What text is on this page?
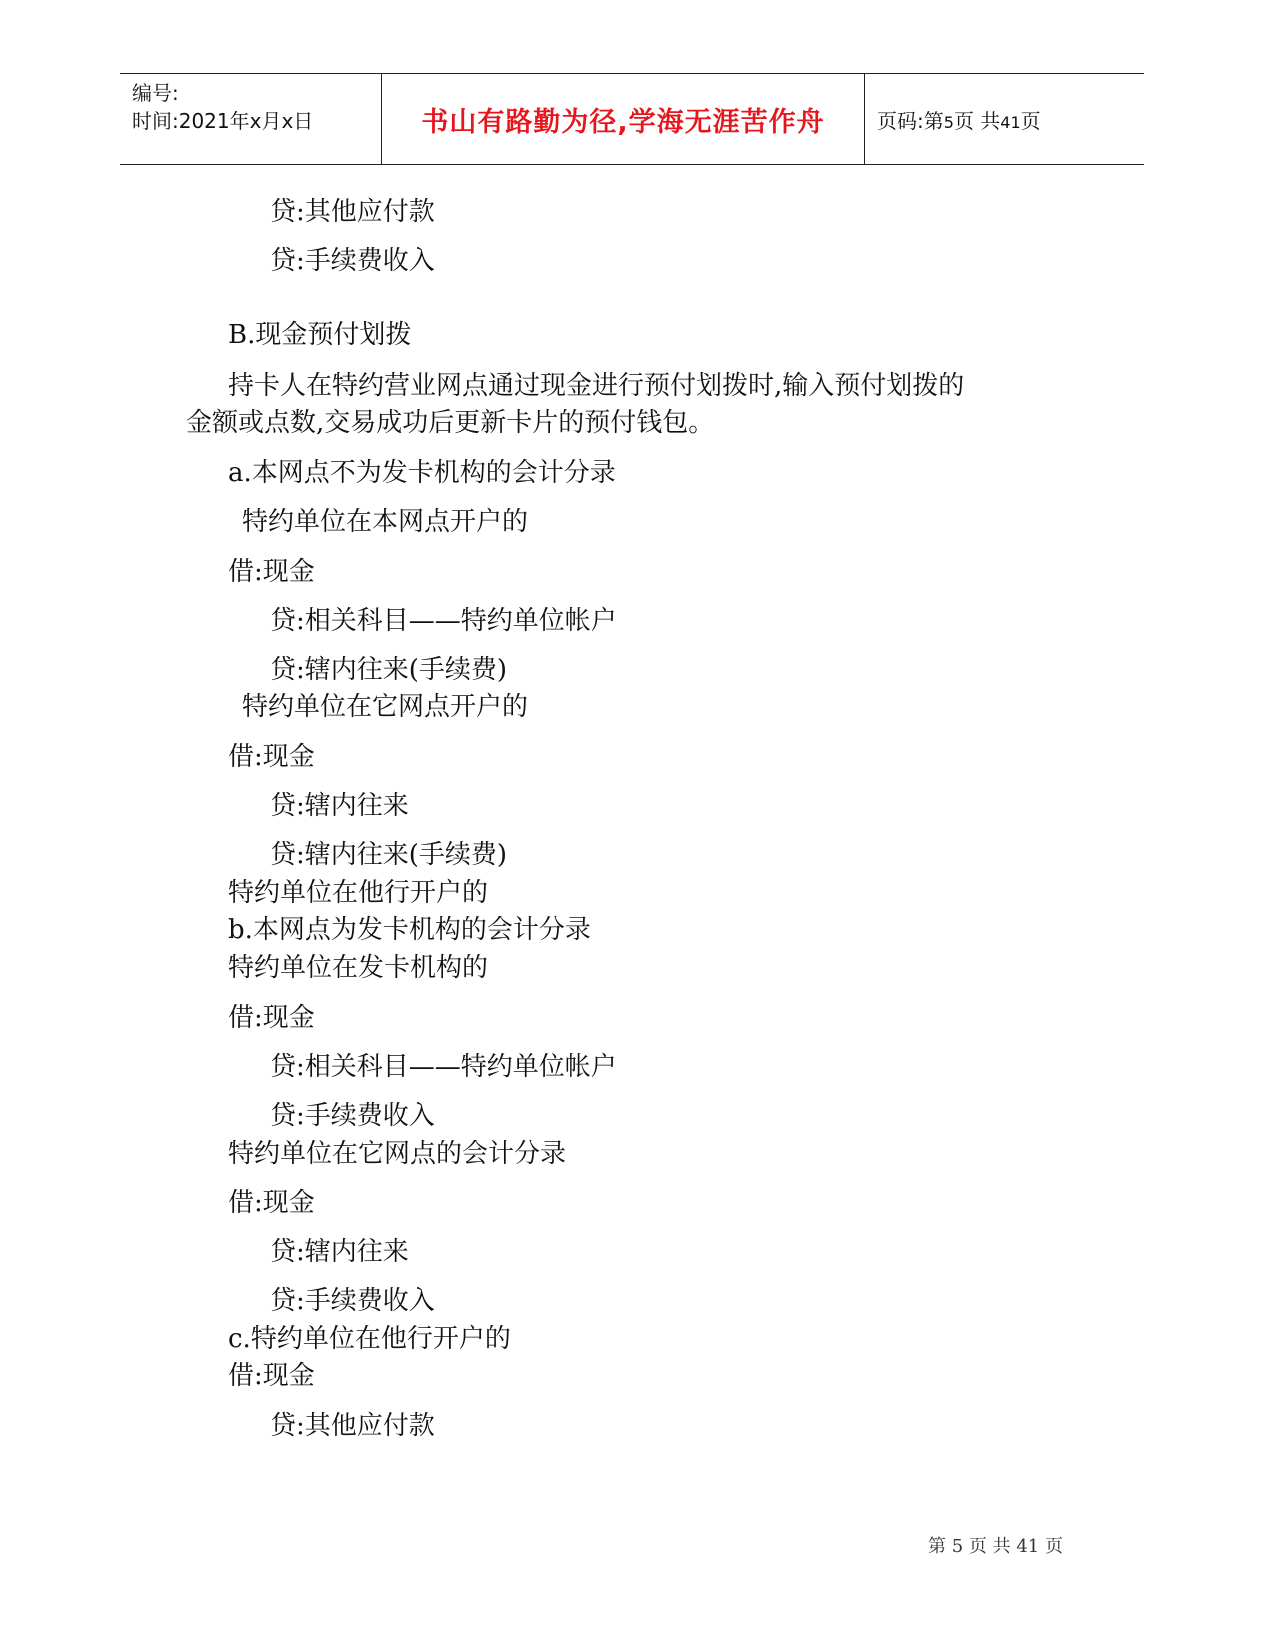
编号:
时间:2021年x月x日	书山有路勤为径,学海无涯苦作舟	页码:第5页 共41页
贷:其他应付款
贷:手续费收入
B.现金预付划拨
持卡人在特约营业网点通过现金进行预付划拨时,输入预付划拨的
金额或点数,交易成功后更新卡片的预付钱包。
a.本网点不为发卡机构的会计分录
特约单位在本网点开户的
借:现金
贷:相关科目——特约单位帐户
贷:辖内往来(手续费)
特约单位在它网点开户的
借:现金
贷:辖内往来
贷:辖内往来(手续费)
特约单位在他行开户的
b.本网点为发卡机构的会计分录
特约单位在发卡机构的
借:现金
贷:相关科目——特约单位帐户
贷:手续费收入
特约单位在它网点的会计分录
借:现金
贷:辖内往来
贷:手续费收入
c.特约单位在他行开户的
借:现金
贷:其他应付款
第 5 页 共 41 页
